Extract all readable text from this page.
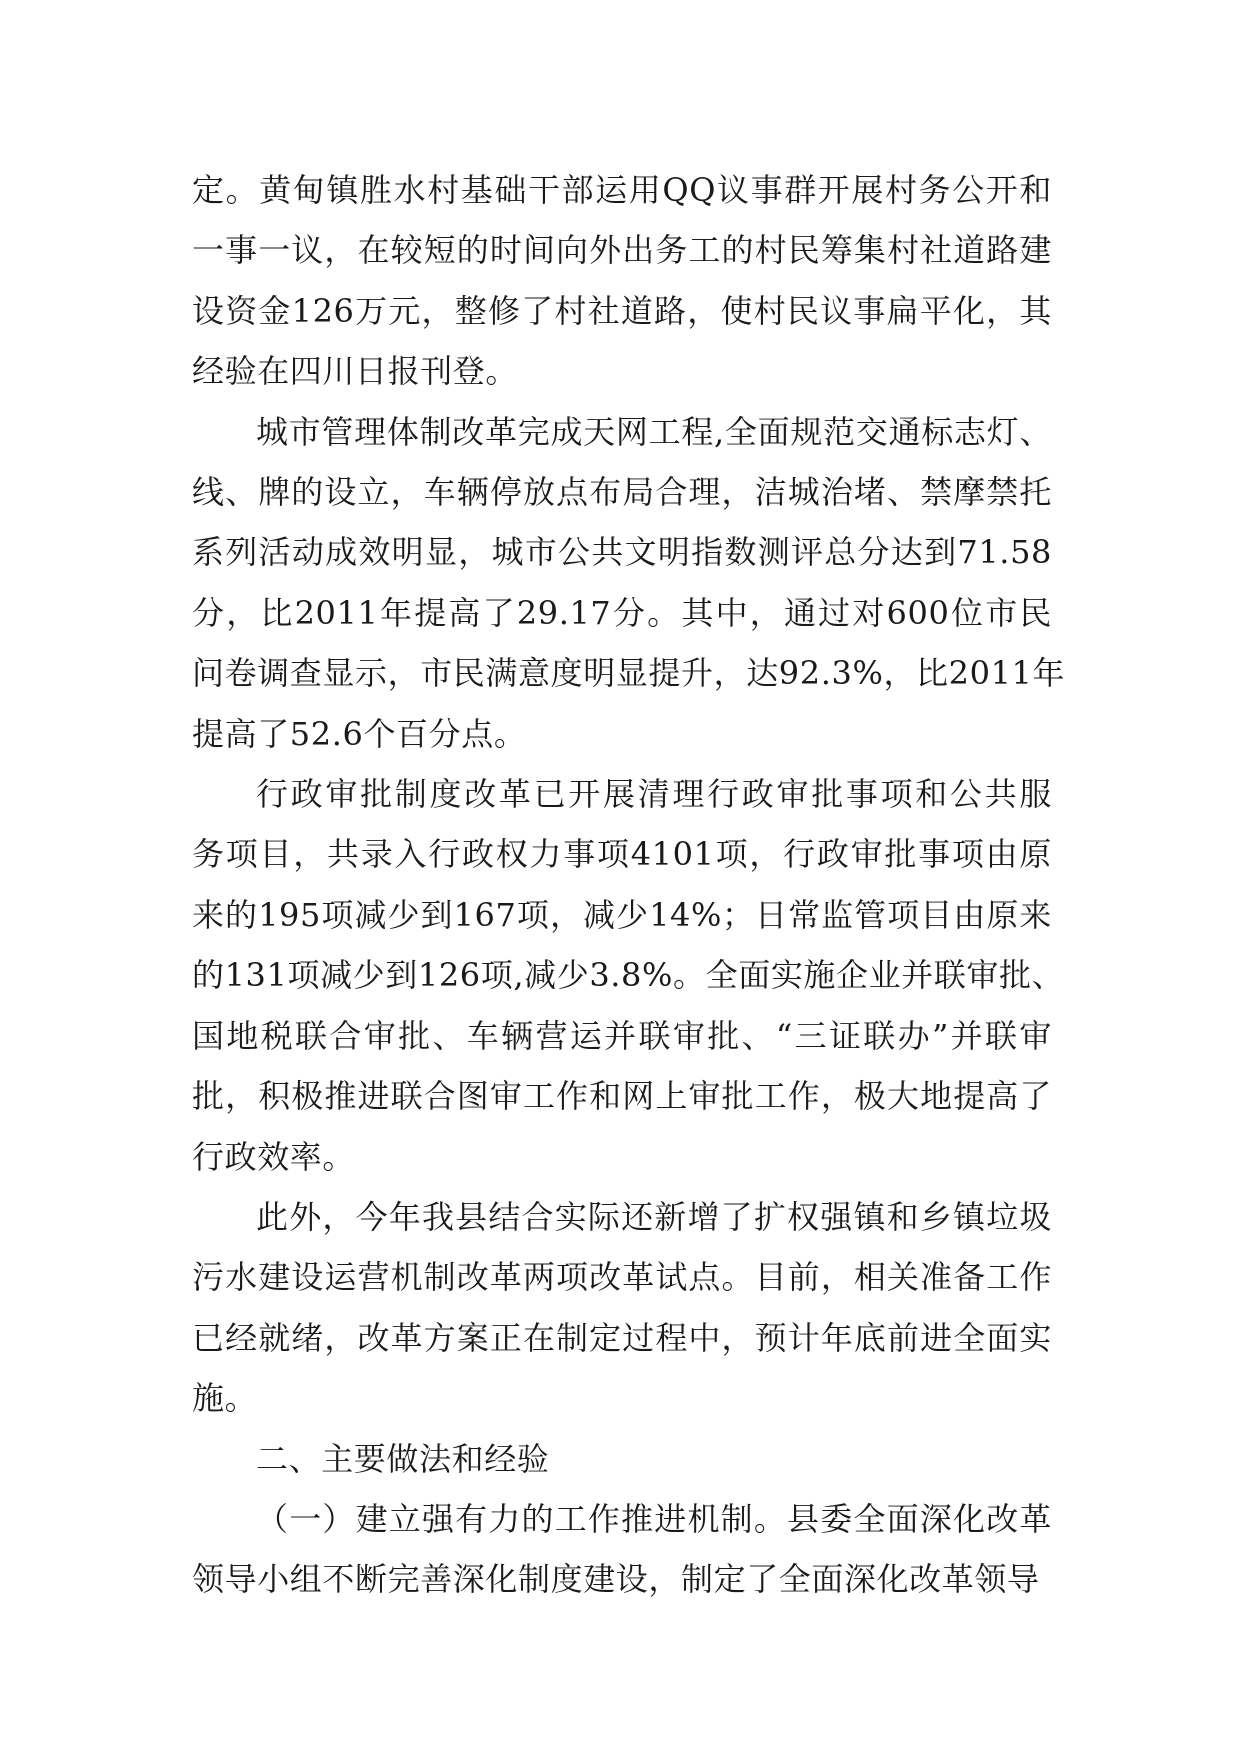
定。黄甸镇胜水村基础干部运用QQ议事群开展村务公开和
一事一议，在较短的时间向外出务工的村民筹集村社道路建
设资金126万元，整修了村社道路，使村民议事扁平化，其
经验在四川日报刊登。
城市管理体制改革完成天网工程,全面规范交通标志灯、
线、牌的设立，车辆停放点布局合理，洁城治堵、禁摩禁托
系列活动成效明显，城市公共文明指数测评总分达到71.58
分，比2011年提高了29.17分。其中，通过对600位市民
问卷调查显示，市民满意度明显提升，达92.3%，比2011年
提高了52.6个百分点。
行政审批制度改革已开展清理行政审批事项和公共服
务项目，共录入行政权力事项4101项，行政审批事项由原
来的195项减少到167项，减少14%；日常监管项目由原来
的131项减少到126项,减少3.8%。全面实施企业并联审批、
国地税联合审批、车辆营运并联审批、“三证联办”并联审
批，积极推进联合图审工作和网上审批工作，极大地提高了
行政效率。
此外，今年我县结合实际还新增了扩权强镇和乡镇垃圾
污水建设运营机制改革两项改革试点。目前，相关准备工作
已经就绪，改革方案正在制定过程中，预计年底前进全面实
施。
二、主要做法和经验
（一）建立强有力的工作推进机制。县委全面深化改革
领导小组不断完善深化制度建设，制定了全面深化改革领导
